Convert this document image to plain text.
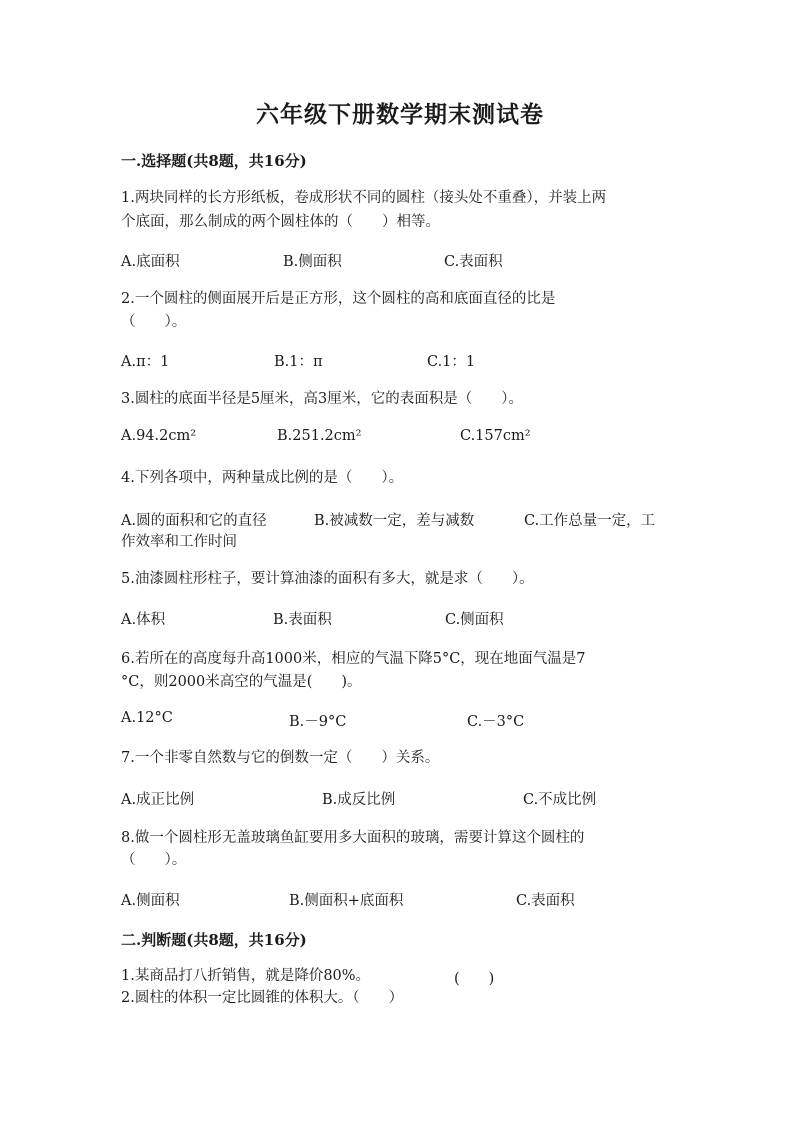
六年级下册数学期末测试卷
一.选择题(共8题，共16分)
1.两块同样的长方形纸板，卷成形状不同的圆柱（接头处不重叠），并装上两
个底面，那么制成的两个圆柱体的（　　）相等。
A.底面积	B.侧面积	C.表面积
2.一个圆柱的侧面展开后是正方形，这个圆柱的高和底面直径的比是
（　　）。
A.π：1	B.1：π	C.1：1
3.圆柱的底面半径是5厘米，高3厘米，它的表面积是（　　）。
A.94.2cm²	B.251.2cm²	C.157cm²
4.下列各项中，两种量成比例的是（　　）。
A.圆的面积和它的直径	B.被减数一定，差与减数	C.工作总量一定，工
作效率和工作时间
5.油漆圆柱形柱子，要计算油漆的面积有多大，就是求（　　）。
A.体积	B.表面积	C.侧面积
6.若所在的高度每升高1000米，相应的气温下降5°C，现在地面气温是7
°C，则2000米高空的气温是(　　)。
A.12°C	B.－9°C	C.－3°C
7.一个非零自然数与它的倒数一定（　　）关系。
A.成正比例	B.成反比例	C.不成比例
8.做一个圆柱形无盖玻璃鱼缸要用多大面积的玻璃，需要计算这个圆柱的
（　　）。
A.侧面积	B.侧面积+底面积	C.表面积
二.判断题(共8题，共16分)
1.某商品打八折销售，就是降价80%。	(　　)
2.圆柱的体积一定比圆锥的体积大。（　　）
